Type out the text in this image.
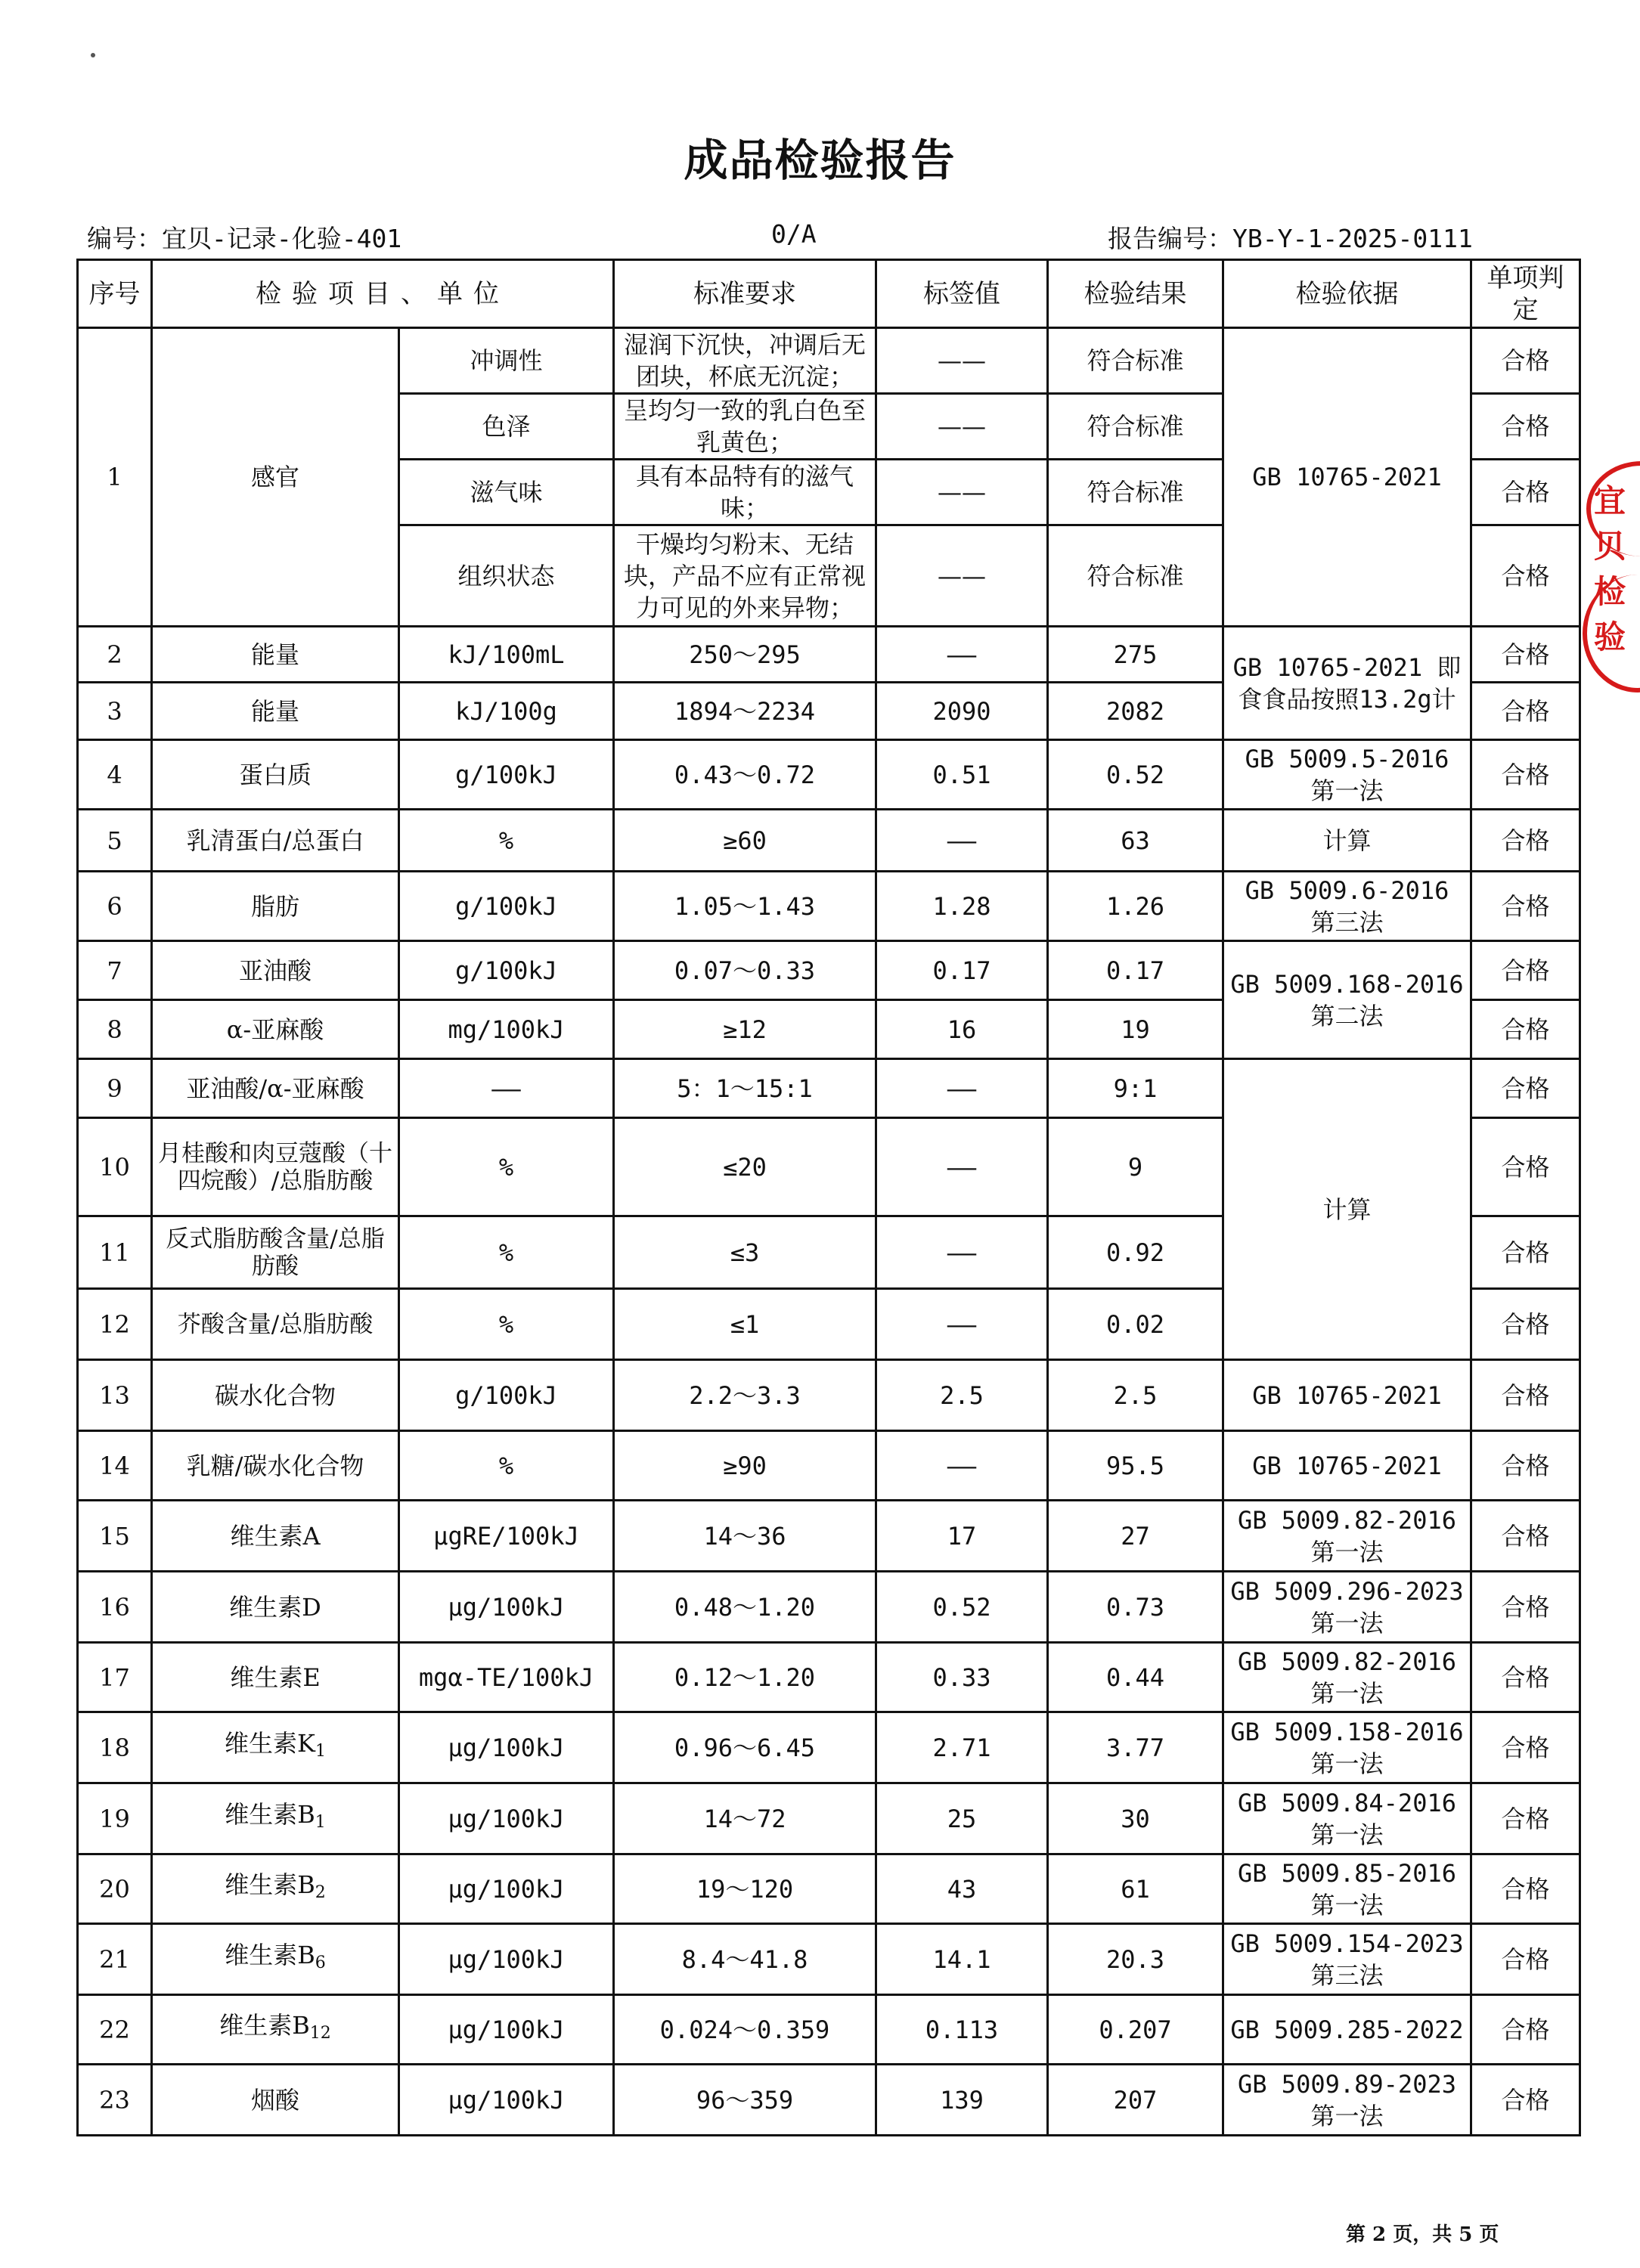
成品检验报告
编号：宜贝-记录-化验-401	0/A	报告编号：YB-Y-1-2025-0111
序号	检验项目、单位		标准要求	标签值	检验结果	检验依据	单项判定
1	感官	冲调性	湿润下沉快，冲调后无团块，杯底无沉淀；	——	符合标准	GB 10765-2021	合格
		色泽	呈均匀一致的乳白色至乳黄色；	——	符合标准		合格
		滋气味	具有本品特有的滋气味；	——	符合标准		合格
		组织状态	干燥均匀粉末、无结块，产品不应有正常视力可见的外来异物；	——	符合标准		合格
2	能量	kJ/100mL	250～295	——	275	GB 10765-2021 即食食品按照13.2g计	合格
3	能量	kJ/100g	1894～2234	2090	2082		合格
4	蛋白质	g/100kJ	0.43～0.72	0.51	0.52	GB 5009.5-2016 第一法	合格
5	乳清蛋白/总蛋白	%	≥60	——	63	计算	合格
6	脂肪	g/100kJ	1.05～1.43	1.28	1.26	GB 5009.6-2016 第三法	合格
7	亚油酸	g/100kJ	0.07～0.33	0.17	0.17	GB 5009.168-2016 第二法	合格
8	α-亚麻酸	mg/100kJ	≥12	16	19		合格
9	亚油酸/α-亚麻酸	——	5：1～15:1	——	9:1	计算	合格
10	月桂酸和肉豆蔻酸（十四烷酸）/总脂肪酸	%	≤20	——	9		合格
11	反式脂肪酸含量/总脂肪酸	%	≤3	——	0.92		合格
12	芥酸含量/总脂肪酸	%	≤1	——	0.02		合格
13	碳水化合物	g/100kJ	2.2～3.3	2.5	2.5	GB 10765-2021	合格
14	乳糖/碳水化合物	%	≥90	——	95.5	GB 10765-2021	合格
15	维生素A	μgRE/100kJ	14～36	17	27	GB 5009.82-2016 第一法	合格
16	维生素D	μg/100kJ	0.48～1.20	0.52	0.73	GB 5009.296-2023 第一法	合格
17	维生素E	mgα-TE/100kJ	0.12～1.20	0.33	0.44	GB 5009.82-2016 第一法	合格
18	维生素$K_1$	μg/100kJ	0.96～6.45	2.71	3.77	GB 5009.158-2016 第一法	合格
19	维生素$B_1$	μg/100kJ	14～72	25	30	GB 5009.84-2016 第一法	合格
20	维生素$B_2$	μg/100kJ	19～120	43	61	GB 5009.85-2016 第一法	合格
21	维生素$B_6$	μg/100kJ	8.4～41.8	14.1	20.3	GB 5009.154-2023 第三法	合格
22	维生素$B_{12}$	μg/100kJ	0.024～0.359	0.113	0.207	GB 5009.285-2022	合格
23	烟酸	μg/100kJ	96～359	139	207	GB 5009.89-2023 第一法	合格
宜贝 检验
第 2 页，共 5 页
